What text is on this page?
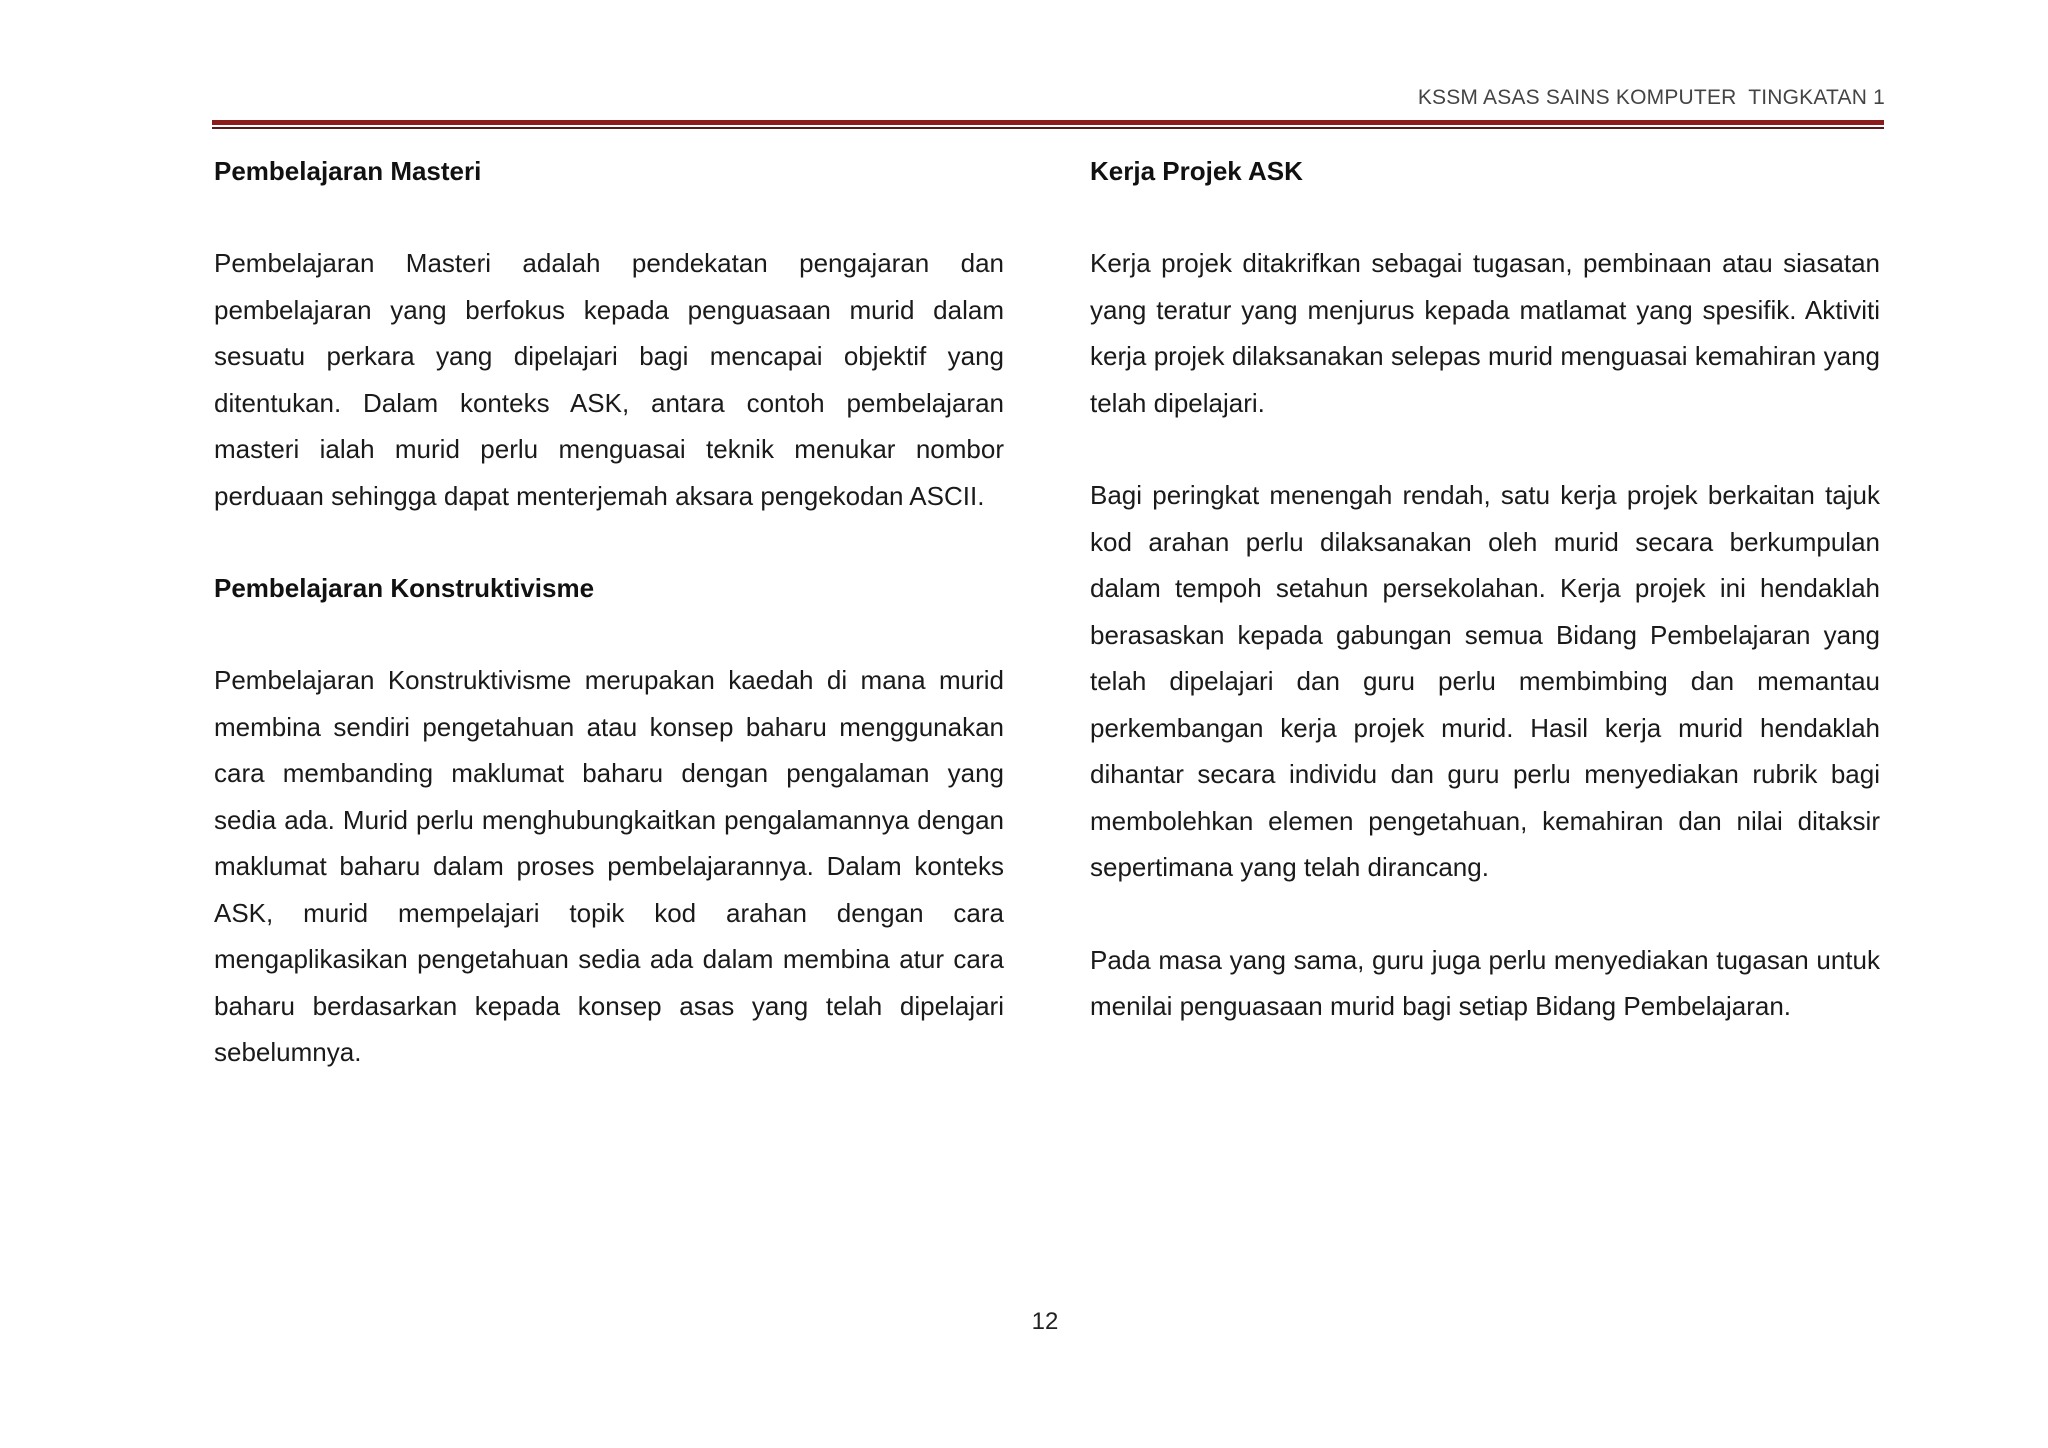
KSSM ASAS SAINS KOMPUTER  TINGKATAN 1
Pembelajaran Masteri

Pembelajaran Masteri adalah pendekatan pengajaran dan pembelajaran yang berfokus kepada penguasaan murid dalam sesuatu perkara yang dipelajari bagi mencapai objektif yang ditentukan. Dalam konteks ASK, antara contoh pembelajaran masteri ialah murid perlu menguasai teknik menukar nombor perduaan sehingga dapat menterjemah aksara pengekodan ASCII.

Pembelajaran Konstruktivisme

Pembelajaran Konstruktivisme merupakan kaedah di mana murid membina sendiri pengetahuan atau konsep baharu menggunakan cara membanding maklumat baharu dengan pengalaman yang sedia ada. Murid perlu menghubungkaitkan pengalamannya dengan maklumat baharu dalam proses pembelajarannya. Dalam konteks ASK, murid mempelajari topik kod arahan dengan cara mengaplikasikan pengetahuan sedia ada dalam membina atur cara baharu berdasarkan kepada konsep asas yang telah dipelajari sebelumnya.

Kerja Projek ASK

Kerja projek ditakrifkan sebagai tugasan, pembinaan atau siasatan yang teratur yang menjurus kepada matlamat yang spesifik. Aktiviti kerja projek dilaksanakan selepas murid menguasai kemahiran yang telah dipelajari.

Bagi peringkat menengah rendah, satu kerja projek berkaitan tajuk kod arahan perlu dilaksanakan oleh murid secara berkumpulan dalam tempoh setahun persekolahan. Kerja projek ini hendaklah berasaskan kepada gabungan semua Bidang Pembelajaran yang telah dipelajari dan guru perlu membimbing dan memantau perkembangan kerja projek murid. Hasil kerja murid hendaklah dihantar secara individu dan guru perlu menyediakan rubrik bagi membolehkan elemen pengetahuan, kemahiran dan nilai ditaksir sepertimana yang telah dirancang.

Pada masa yang sama, guru juga perlu menyediakan tugasan untuk menilai penguasaan murid bagi setiap Bidang Pembelajaran.

12
